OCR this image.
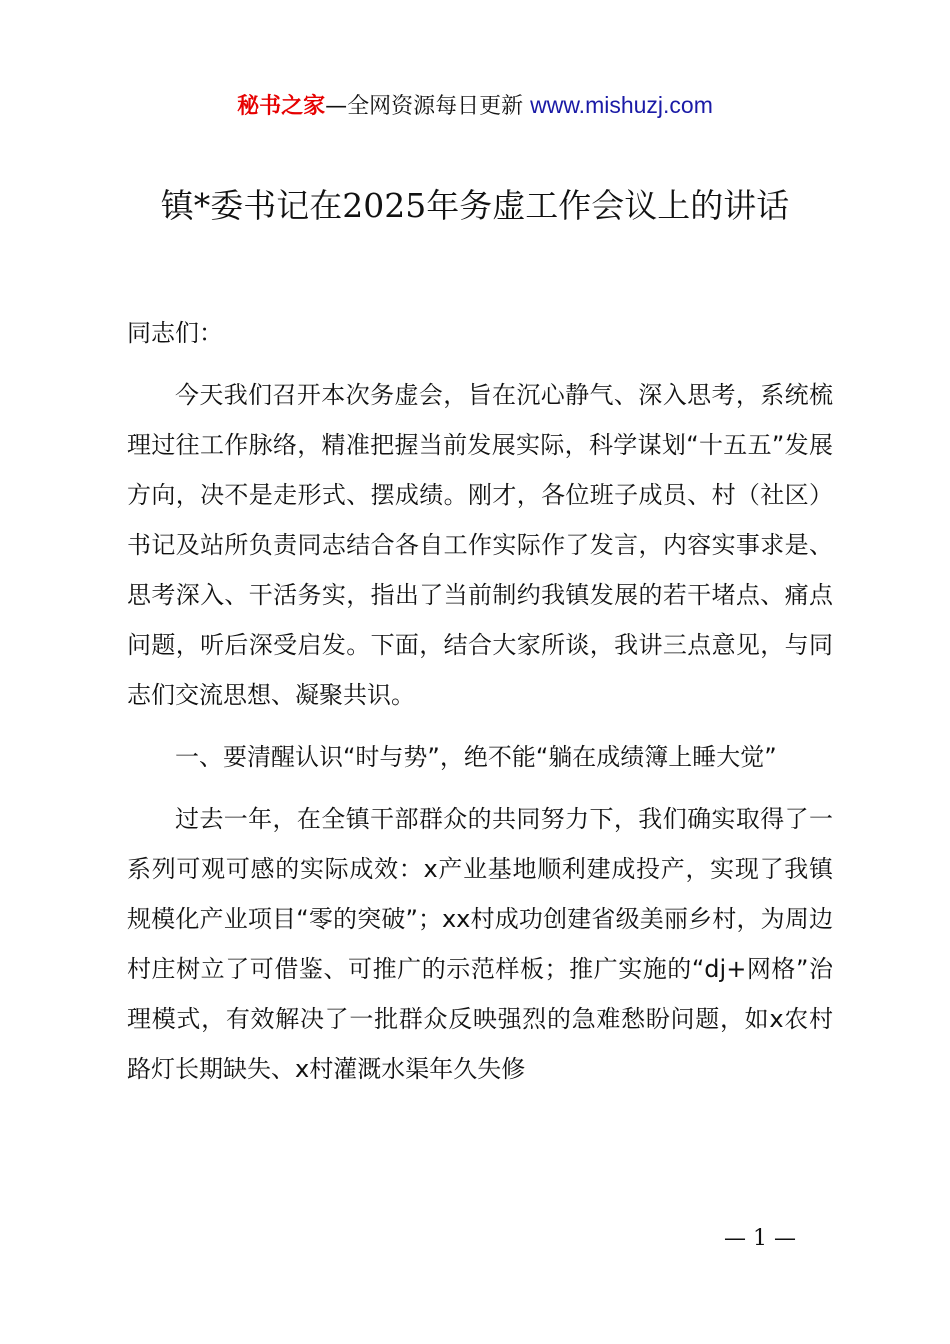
秘书之家—全网资源每日更新 www.mishuzj.com
镇*委书记在2025年务虚工作会议上的讲话

同志们：

今天我们召开本次务虚会，旨在沉心静气、深入思考，系统梳理过往工作脉络，精准把握当前发展实际，科学谋划“十五五”发展方向，决不是走形式、摆成绩。刚才，各位班子成员、村（社区）书记及站所负责同志结合各自工作实际作了发言，内容实事求是、思考深入、干活务实，指出了当前制约我镇发展的若干堵点、痛点问题，听后深受启发。下面，结合大家所谈，我讲三点意见，与同志们交流思想、凝聚共识。

一、要清醒认识“时与势”，绝不能“躺在成绩簿上睡大觉”

过去一年，在全镇干部群众的共同努力下，我们确实取得了一系列可观可感的实际成效：x产业基地顺利建成投产，实现了我镇规模化产业项目“零的突破”；xx村成功创建省级美丽乡村，为周边村庄树立了可借鉴、可推广的示范样板；推广实施的“dj+网格”治理模式，有效解决了一批群众反映强烈的急难愁盼问题，如x农村路灯长期缺失、x村灌溉水渠年久失修

— 1 —
